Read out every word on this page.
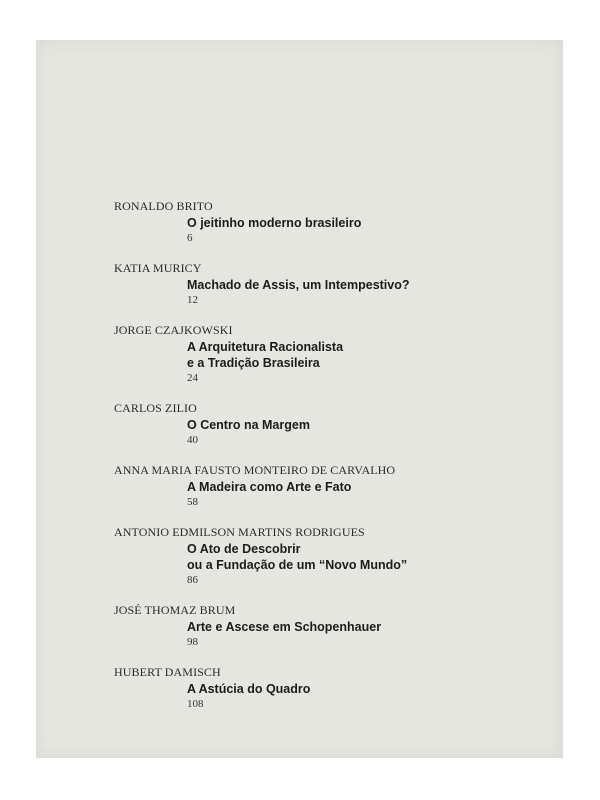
RONALDO BRITO
O jeitinho moderno brasileiro
6
KATIA MURICY
Machado de Assis, um Intempestivo?
12
JORGE CZAJKOWSKI
A Arquitetura Racionalista
e a Tradição Brasileira
24
CARLOS ZILIO
O Centro na Margem
40
ANNA MARIA FAUSTO MONTEIRO DE CARVALHO
A Madeira como Arte e Fato
58
ANTONIO EDMILSON MARTINS RODRIGUES
O Ato de Descobrir
ou a Fundação de um “Novo Mundo”
86
JOSÉ THOMAZ BRUM
Arte e Ascese em Schopenhauer
98
HUBERT DAMISCH
A Astúcia do Quadro
108
